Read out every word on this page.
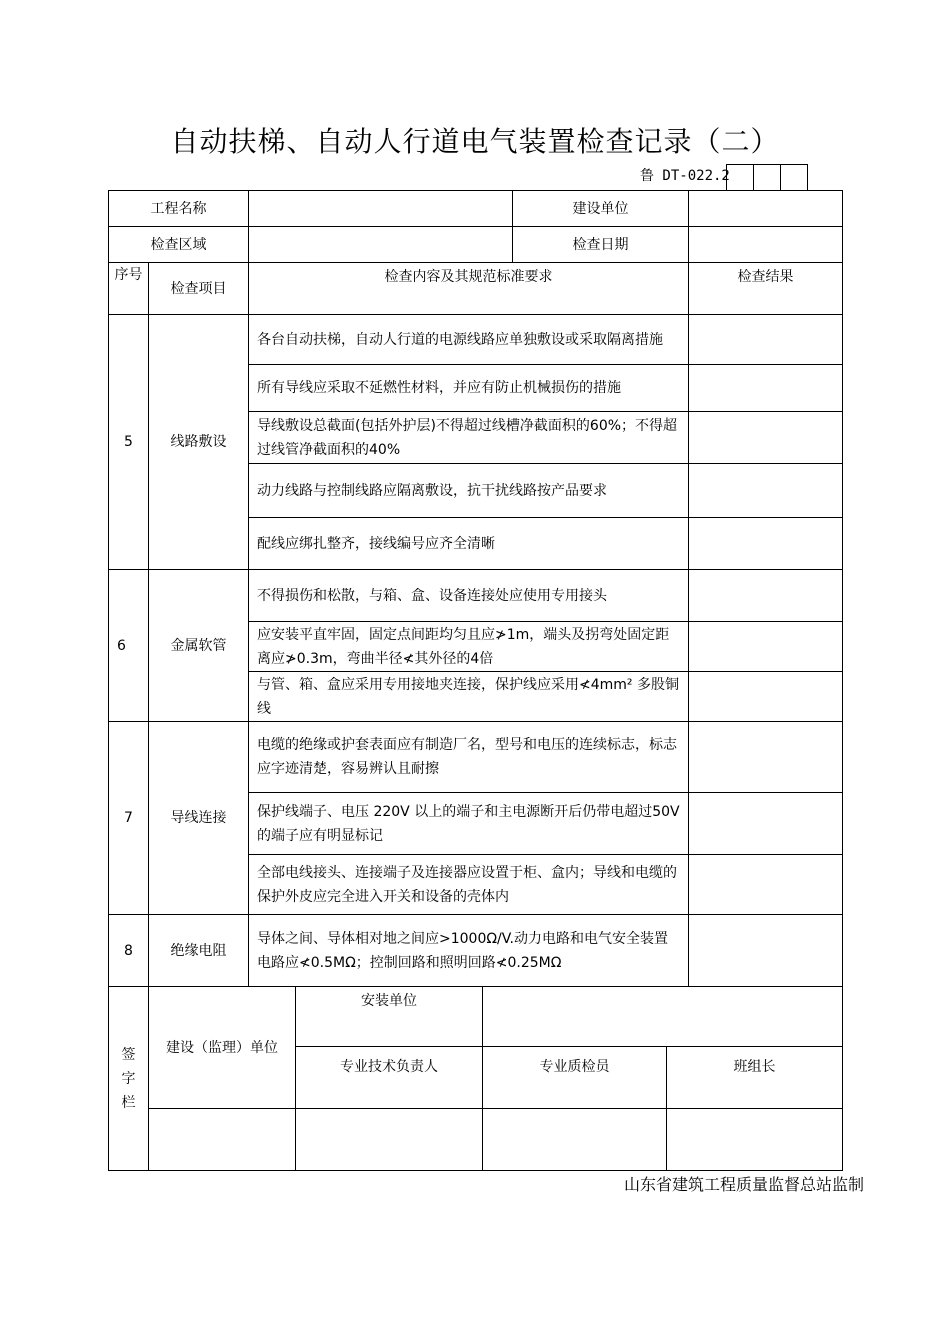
自动扶梯、自动人行道电气装置检查记录（二）
鲁 DT-022.2
工程名称		建设单位	
检查区域		检查日期	
序号	检查项目	检查内容及其规范标准要求	检查结果
5	线路敷设	各台自动扶梯，自动人行道的电源线路应单独敷设或采取隔离措施	
		所有导线应采取不延燃性材料，并应有防止机械损伤的措施	
		导线敷设总截面(包括外护层)不得超过线槽净截面积的60%；不得超过线管净截面积的40%	
		动力线路与控制线路应隔离敷设，抗干扰线路按产品要求	
		配线应绑扎整齐，接线编号应齐全清晰	
6	金属软管	不得损伤和松散，与箱、盒、设备连接处应使用专用接头	
		应安装平直牢固，固定点间距均匀且应≯1m，端头及拐弯处固定距离应≯0.3m，弯曲半径≮其外径的4倍	
		与管、箱、盒应采用专用接地夹连接，保护线应采用≮4mm² 多股铜线	
7	导线连接	电缆的绝缘或护套表面应有制造厂名，型号和电压的连续标志，标志应字迹清楚，容易辨认且耐擦	
		保护线端子、电压 220V 以上的端子和主电源断开后仍带电超过50V 的端子应有明显标记	
		全部电线接头、连接端子及连接器应设置于柜、盒内；导线和电缆的保护外皮应完全进入开关和设备的壳体内	
8	绝缘电阻	导体之间、导体相对地之间应>1000Ω/V.动力电路和电气安全装置电路应≮0.5MΩ；控制回路和照明回路≮0.25MΩ	
签
字
栏	建设（监理）单位	安装单位		
		专业技术负责人	专业质检员	班组长

山东省建筑工程质量监督总站监制
